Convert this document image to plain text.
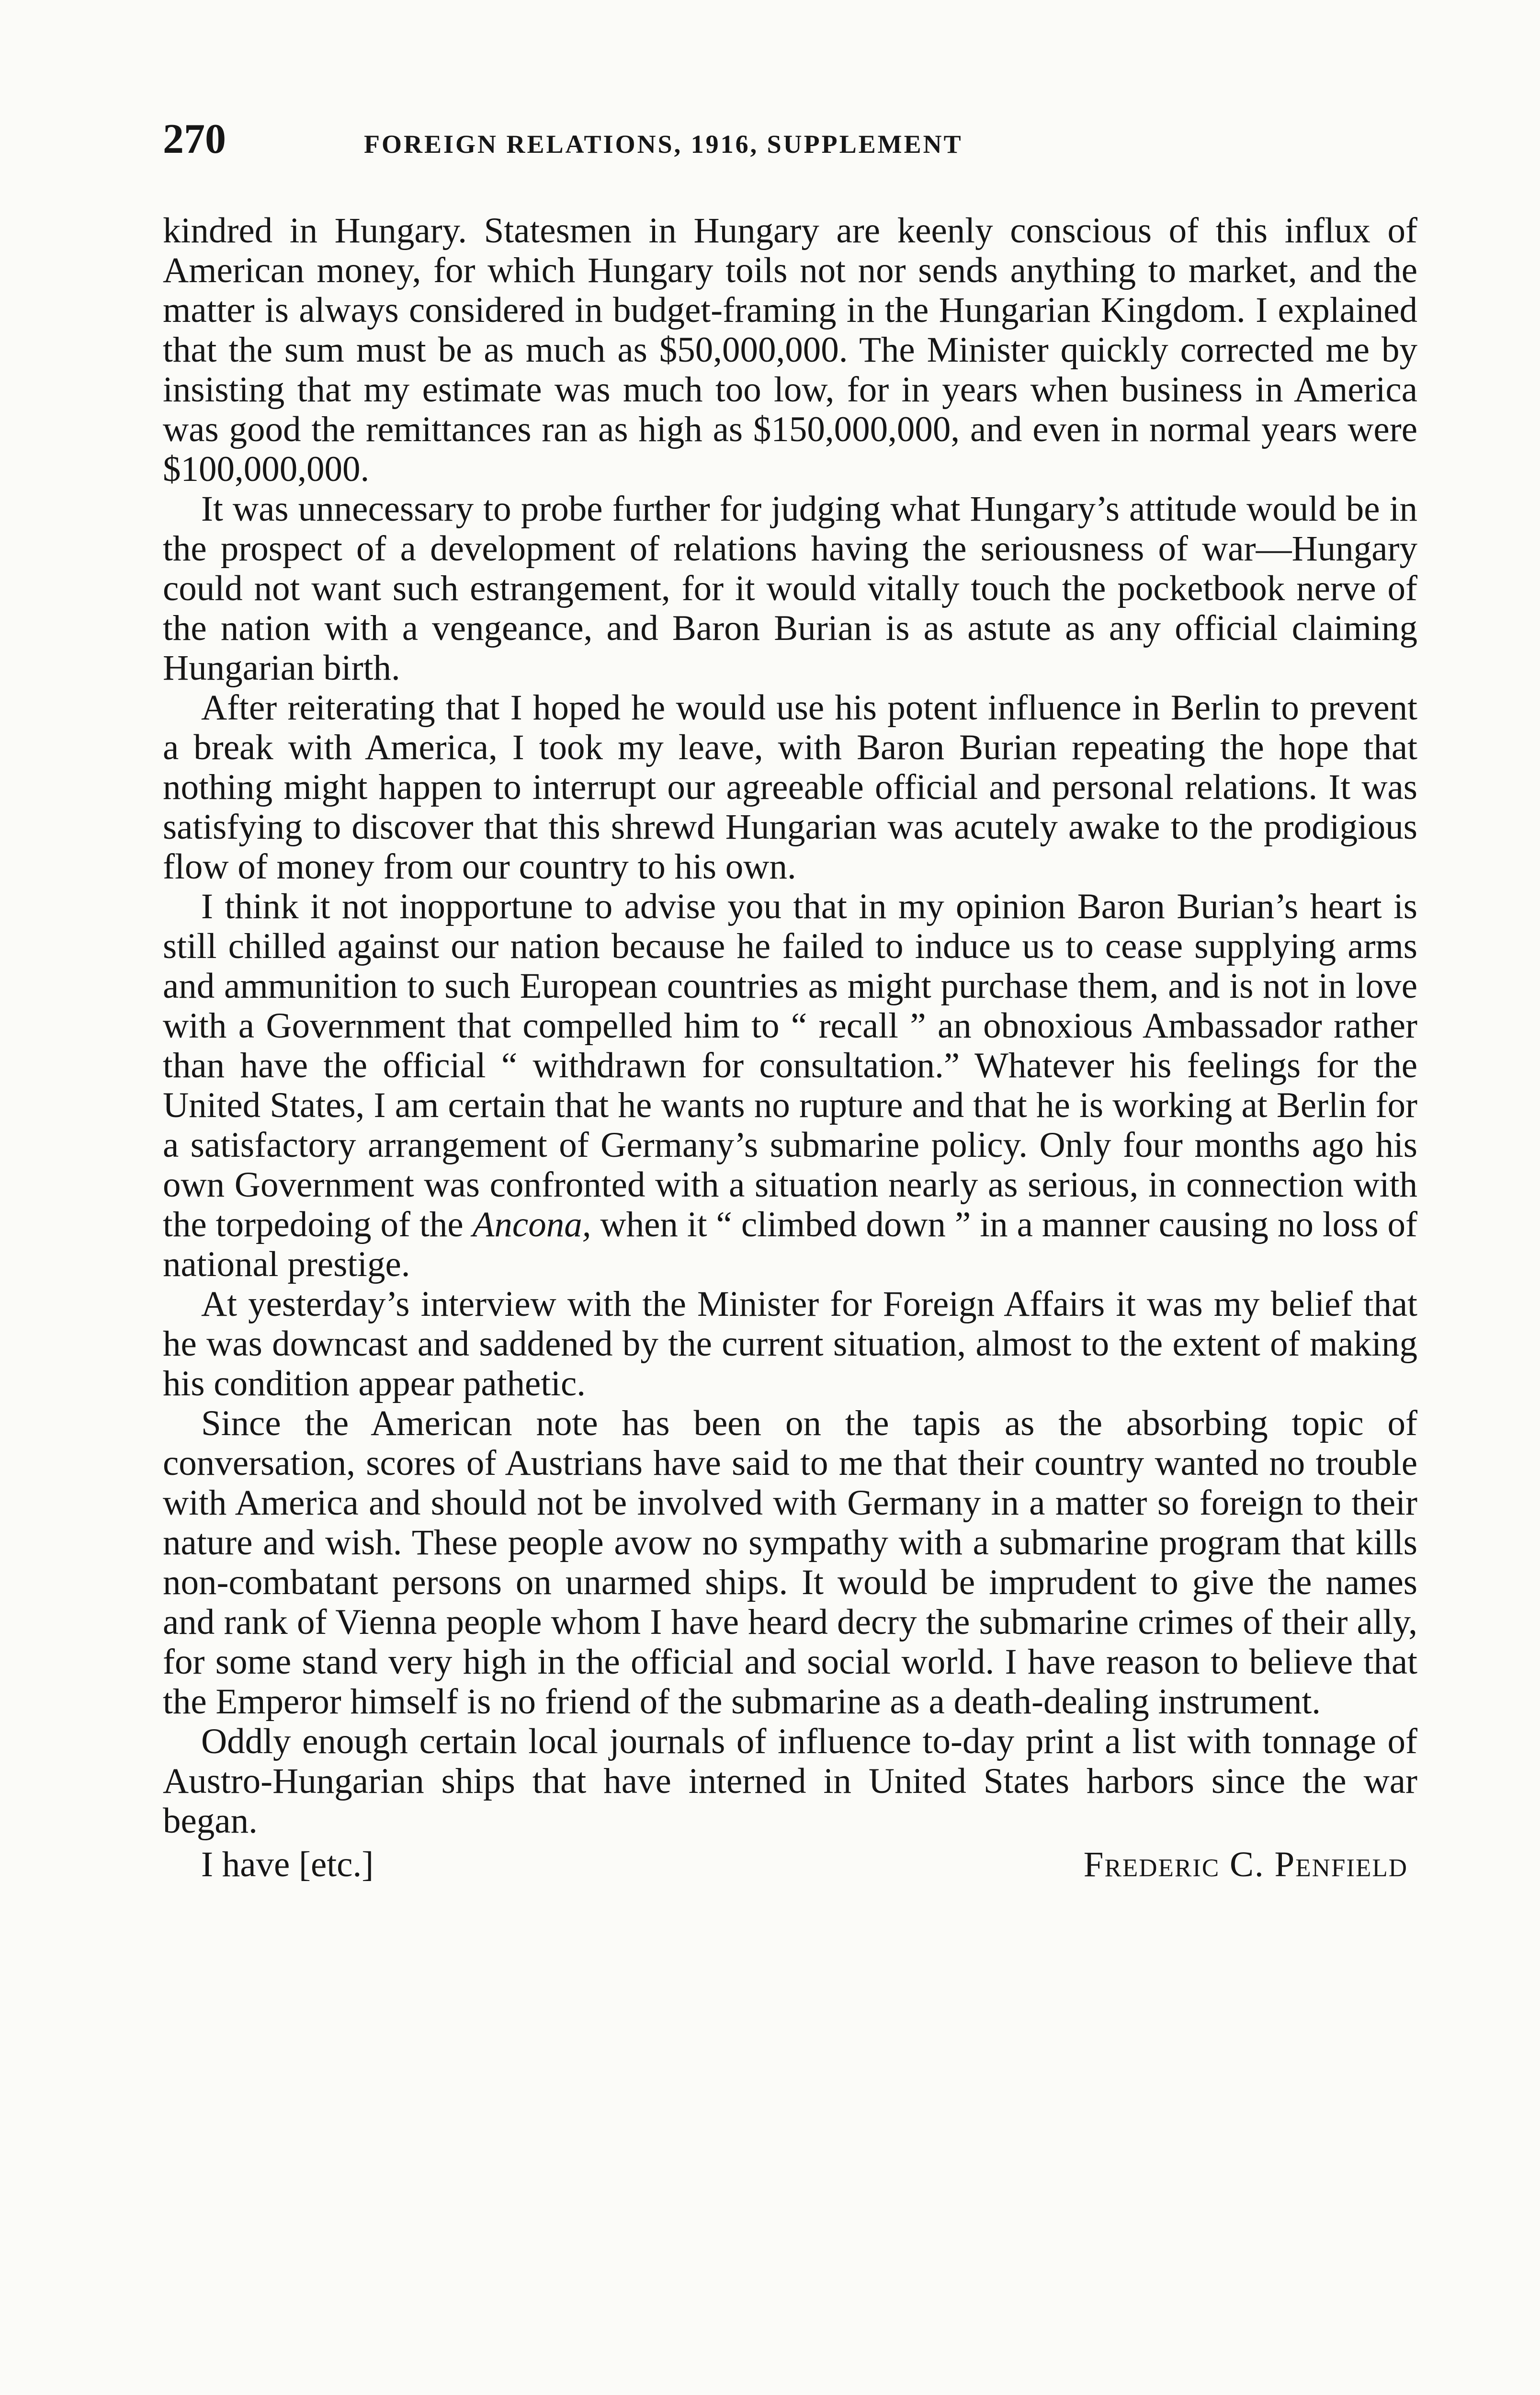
270	FOREIGN RELATIONS, 1916, SUPPLEMENT

kindred in Hungary. Statesmen in Hungary are keenly conscious of this influx of American money, for which Hungary toils not nor sends anything to market, and the matter is always considered in budget-framing in the Hungarian Kingdom. I explained that the sum must be as much as $50,000,000. The Minister quickly corrected me by insisting that my estimate was much too low, for in years when business in America was good the remittances ran as high as $150,000,000, and even in normal years were $100,000,000.

It was unnecessary to probe further for judging what Hungary’s attitude would be in the prospect of a development of relations having the seriousness of war—Hungary could not want such estrangement, for it would vitally touch the pocketbook nerve of the nation with a vengeance, and Baron Burian is as astute as any official claiming Hungarian birth.

After reiterating that I hoped he would use his potent influence in Berlin to prevent a break with America, I took my leave, with Baron Burian repeating the hope that nothing might happen to interrupt our agreeable official and personal relations. It was satisfying to discover that this shrewd Hungarian was acutely awake to the prodigious flow of money from our country to his own.

I think it not inopportune to advise you that in my opinion Baron Burian’s heart is still chilled against our nation because he failed to induce us to cease supplying arms and ammunition to such European countries as might purchase them, and is not in love with a Government that compelled him to “ recall ” an obnoxious Ambassador rather than have the official “ withdrawn for consultation.” Whatever his feelings for the United States, I am certain that he wants no rupture and that he is working at Berlin for a satisfactory arrangement of Germany’s submarine policy. Only four months ago his own Government was confronted with a situation nearly as serious, in connection with the torpedoing of the Ancona, when it “ climbed down ” in a manner causing no loss of national prestige.

At yesterday’s interview with the Minister for Foreign Affairs it was my belief that he was downcast and saddened by the current situation, almost to the extent of making his condition appear pathetic.

Since the American note has been on the tapis as the absorbing topic of conversation, scores of Austrians have said to me that their country wanted no trouble with America and should not be involved with Germany in a matter so foreign to their nature and wish. These people avow no sympathy with a submarine program that kills non-combatant persons on unarmed ships. It would be imprudent to give the names and rank of Vienna people whom I have heard decry the submarine crimes of their ally, for some stand very high in the official and social world. I have reason to believe that the Emperor himself is no friend of the submarine as a death-dealing instrument.

Oddly enough certain local journals of influence to-day print a list with tonnage of Austro-Hungarian ships that have interned in United States harbors since the war began.

I have [etc.]	Frederic C. Penfield
